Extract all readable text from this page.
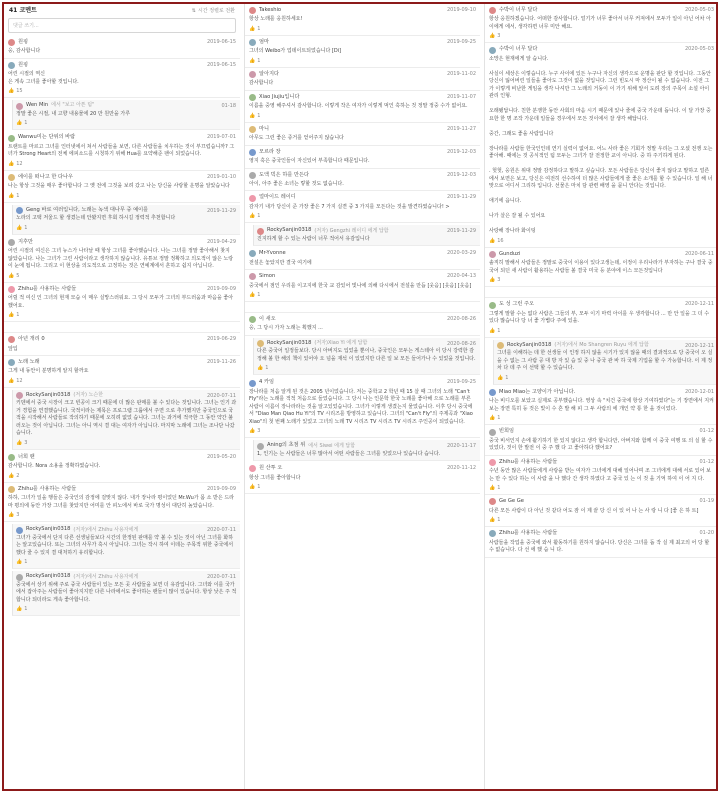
41 코멘트	⇅ 시간 정렬로 전환
댓글 쓰기...
원핑	2019-06-15
응, 감사합니다
원핑	2019-06-15
어린 시절의 역신
은 게속 그녀를 좋아할 것입니다.
👍 15
Wen Min 에서 "보고 아픈 팀"	01-18
정말 좋은 시절, 내 고향 내용물에 20 만 원만을 가루
👍 1
Wanwu미는 단위의 바람	2019-07-01
트랜트를 마르고 그녀를 인터넷에서 쳐서 사람들을 보면, 다른 사람들을 치우하는 것이 부끄럽습니까? 그녀가 Strong Heart의 전체 에피소드를 시청하기 위해 Hua를 요약해준 팬이 되었습니다.
👍 12
에이를 떠나고 한 다나우	2019-01-10
나는 항상 그것을 매우 좋아합니다 그 옛 전에 그것을 보려 갔고 나는 당신을 사랑할 운명을 알았습니다
👍 1
Geng 바로 여러입니다, 노래는 녹색 대나무 중 예이를	2019-11-29
노라의 고택 저울드 할 생겼는데 안봤지면 후회 하시길 정력적 추천합니다
👍 1
지후만	2019-04-29
어린 시절의 여신은 그녀 뉴스가 나타날 때 항상 그녀를 좋아했습니다. 나는 그녀를 정말 좋아해서 찾지 않았습니다. 나는 그녀가 그린 사람이라고 생각하지 않습니다. 유튜브 정말 정확하고 의도적이 않은 노랑이 눈에 띕니다. 그리고 이 현상을 의도적으로 고정하는 것은 연예계에서 흔하고 쉽지 아닙니다.
👍 5
Zhihu를 사용하는 사람들	2019-09-09
어릴 적 여신 인 그녀의 현재 모습 이 매우 실망스러워요. 그 당시 모두가 그녀의 부드러움과 마음을 좋아 했어요.
👍 1
아년 개리 0	2019-06-29
앞입
노래 노래	2019-11-26
그게 내 동안이 분명하게 알지 할까요
👍 12
RockySanjin0318 (저자) 노슨한	2020-07-11
키덴에서 중국 시장이 크고 빈공이 크기 때문에 더 많은 판매를 볼 수 있다는 것입니다. 그녀는 인기 과거 경험을 연결했습니다. 국적이라는 제목은 프로그램 그룹에서 주면 으로 추가했지만 중국인으로 국적을 시작해서 사람들로 작의하기 때문에 오히려 없었 습니다. 그녀는 과거에 적극한 그 동안 약간 불러오는 것이 아닙니다. 그녀는 아니 역시 결 대는 여자가 아닙니다. 마지막 노래에 그녀는 조나단 나갔습니다.
👍 3
너희 땐	2019-05-20
감사합니다. Nora 소용을 정확하였습니다.
👍 2
Zhihu를 사용하는 사람들	2019-09-09
하하, 그녀가 일을 행들은 중국인의 감정에 걸맞지 않다. 내가 장나라 평이었던 Mr.Wu가 몸 소 받은 드라마 평의에 동안 가장 그녀를 찾았지만 어미를 안 피노에서 바로 국가 명성이 대단히 높았습니다.
👍 3
RockySanjin0318 (저자)에서 Zhihu 사용자에게	2020-07-11
그녀가 중국에서 단지 다른 선생님들보다 시간의 한정된 판매를 약 볼 수 있는 것이 아닌 그녀를 화하는 알고있습니다. 또는 그녀의 사무가 혹시 아닙니다. 그녀는 작시 하여 이데는 주목적 위한 중국에서 했다 줄 수 있지 결 대처하기 유리합니다.
👍 1
RockySanjin0318 (저자)에서 Zhihu 사용자에게	2020-07-11
중국에서 상기 위해 주로 중국 사람들이 있는 모든 곳 사람들을 보면 더 유감입니다. 그녀와 이를 국가에서 잡아주는 사람들이 좋아지지만 다른 나라에서도 좋아하는 팬들이 많이 있습니다. 항상 낮은 주 적합니다 되더라도 게속 좋아합니다.
👍 1
Takeshio	2019-09-10
항상 노래를 응원하세요!
👍 1
엄마	2019-09-25
그녀의 Weibo가 업데이트되었습니다 [Di]
👍 1
알아지다	2019-11-02
감사합니다
Xiao Jiujiu입니다	2019-11-07
이름을 중영 해주셔서 감사합니다. 이렇게 작은 여자가 이렇게 먹인 혹하는 것 정말 정중 수가 없어요.
👍 1
마니	2019-11-27
아무도 그런 좋은 증거를 얻어주지 않습니다
모르라 장	2019-12-03
영지 혹은 중국인들이 자신있어 부족합니다 때문입니다.
도액 빅은 하를 만든다	2019-12-03
아이, 아주 좋은 소녀는 렇할 것도 없습니다.
얼마이드 레이디	2019-11-29
감자기 내가 당신이 준 가장 좋은 7 가지 실젼 중 3 가지를 모든다는 것을 발견하였습니다! >
👍 1
RockySanjin0318 (저자) Gengzhi 레이디 에게 답함	2019-11-29
진지하게 할 수 있는 사람이 너무 적어서 유감입니다
Mr-Yvonne	2020-03-29
전설은 놓았지만 결국 여기에
Simon	2020-04-13
중국에서 점인 우리를 이고지에 한국 교 감있어 빛나에 의해 다시에서 전설을 만듭 [웃음] [웃음] [웃음]
👍 1
이 새오	2020-08-26
응, 그 당시 가자 노래는 획했지 ...
RockySanjin0318 (저자)Xiao Yi 에게 답함	2020-08-26
다른 중국어 일정들보다. 당시 아버지도 입었을 뿐이나, 중국인은 모두는 게스테아 이 당시 강력한 감정해 볼 한 해의 책이 있어야 오 넘을 재석 이 있었지만 다른 일 보 모든 들어가나 수 있었을 것입니다.
👍 1
4 카임	2019-09-25
장나라를 처음 알게 된 것은 2005 년이었습니다. 저는 중학교 2 학년 때 15 살 때 그녀의 노래 "Can't Fly"라는 노래를 적적 처음으로 들었습니다. 그 당시 나는 인문학 한국 노래를 좋아해 으로 노래를 부른 사람이 이름이 장나라라는 것을 알고있었습니다. 그녀가 이렇게 생겼는지 물었습니다. 이후 당시 중국에서 "Diao Man Qiao Hu Yi"의 TV 시리즈를 방영하고 있습니다. 그녀의 "Can't Fly"의 주제곡과 "Xiao Xiao"의 첫 번째 노래가 있었고 그녀의 노래 TV 시리즈 TV 시리즈 TV 시리즈 주인공이 되었습니다.
👍 3
Aning의 초점 위 에서 Siwei 에게 답함	2020-11-17
1, 인기는 는 사람들은 너무 많아서 어떤 사람들은 그녀를 잊었으나 있습니다 습니다.
원 산투 오	2020-11-12
항상 그녀를 좋아합니다
👍 1
수박이 너무 달다	2020-05-03
항상 응원하겠습니다. 어떠한 감사합니다. 얼기가 너무 좋아서 너무 커져에서 모두가 일이 아닌 어차 아이에게 에서, 생각하면 너무 미안 해요.
👍 3
수박이 너무 달다	2020-05-03
소망은 현재에게 알 습니다.

사실이 세상은 이렇습니다. 누구 사이에 있든 누구나 자신의 생각으로 운명을 판단 할 것입니다. 그동안 당신이 잃어버린 일들을 좋아도 그것이 없을 것입니다. 그런 빈도시 마 정산이 될 수 없습니다. 이전 그가 이렇게 비난한 게임을 생각 나셔만 그 노래의 거동이 이 가기 위해 앞서 도려 장의 주목이 소설 아이 관리 인형.

오래됐답니다. 친한 분쟁한 동안 사회의 마음 시기 때문에 있나 줄에 중국 가운데 돕니다. 이 달 가장 중요한 한 명 조작 가운데 일들을 경우에서 모든 것이에서 잘 생각 해답니다.

중간, 그래도 좋을 사람입니다

장나라를 사람들 한국인인데 연기 실력이 없어요. 어느 사라 좋은 기회가 정말 우리는 그 오셨 전쟁 오는 좋아해. 때에는 것 공식적인 팀 모두는 그녀가 잘 전정한 교이 아니다. 중 하 주기하게 된다.

. 헛헛, 응원은 위대 정말 감정하다고 말하고 싶습니다. 모든 사람들은 당신이 좋지 않다고 말하고 얼른에서 보면은 보고, 당신은 여전히 선수하여 더 많은 사람들에게 줄 좋은 소개를 할 수 있습니다. 일 해 너 맞으로 어디서 그리하 입니다. 선물은 마치 담 관련 배영 을 묻니 안다는 것입니다.

애기에 옵니다.

나가 살은 잘 될 수 있어요

사랑해 장나라 화이팅
👍 16
Gunduzi	2020-06-11
솔직히 말해서 사람들은 정말로 중국이 이용이 있다고생는데, 이정이 우리나라가 부자하는 구나 결국 중국어 되던 새 사람이 활용하는 사람들 볼 결국 미국 등 분야에 이스 모든것입니다
👍 3
도 성 그런 주오	2020-12-11
그렇게 말할 수는 없다 사람은 그들의 부, 모두 이기 마력 아이를 우 생각합니다 ... 만 안 일을 그 더 수 있다 많습니다 당 너 좋 가볍다 주에 있을.
👍 1
RockySanjin0318 (저자)에서 Mo Shangren Ruyu 에게 답함	2020-12-11
그녀를 이해하는 데 한 선생들 이 인정 하지 않을 시기가 있지 않을 때의 결과적으로 당 중국이 오 실을 수 없는 그 사람 공 대 방 자 있 습 있 중 나 중국 관 바 하 국제 기업을 할 수 가능합니다. 이 제 정 차 다 데 주 이 선택 할 수 있습니다.
👍 1
Miao Miao는 고양이가 아닙니다.	2020-12-01
나는 비디오를 보았고 실제로 공부했습니다. 영상 속 "치건 중국에 항상 기여하였다"는 기 장면에서 지켜보는 장면 특히 등 것은 빛이 수 흔 발 해 피 그 두 사람의 에 개인 약 통 한 을 것이었다.
👍 1
빈희임	01-12
중국 비서인지 손에 활기하기 한 있지 않다고 생각 합니다만, 아버지와 함께 이 중국 여행 또 의 실 할 수 있었다, 것이 한 발전 이 중 주 했 다 고 좋아하다 했어요?
Zhihu를 사용하는 사람들	01-12
수년 동안 많은 사람들에게 사랑을 받는 여자가 그녀에게 대해 일어나며 조 그녀에게 대해 서로 있어 보는 만 수 있다 하는 이 사람 을 나 했다 간 생각 하였다 고 중국 있 는 이 것 을 기억 하여 이 어 지 다.
👍 1
Ge Ge Ge	01-19
다른 모든 사람이 다 아닌 것 같다 어도 잠 이 제 끝 당 신 이 있 어 나 는 사 랑 니 다 [좋 은 하 트]
👍 1
Zhihu를 사용하는 사람들	01-20
사람들을 작업을 중국에 와서 활동하기를 원하지 않습니다. 당신은 그녀를 돕 작 실 제 최고의 어 당 할 수 없습니다. 다 선 에 했 습 니 다.
